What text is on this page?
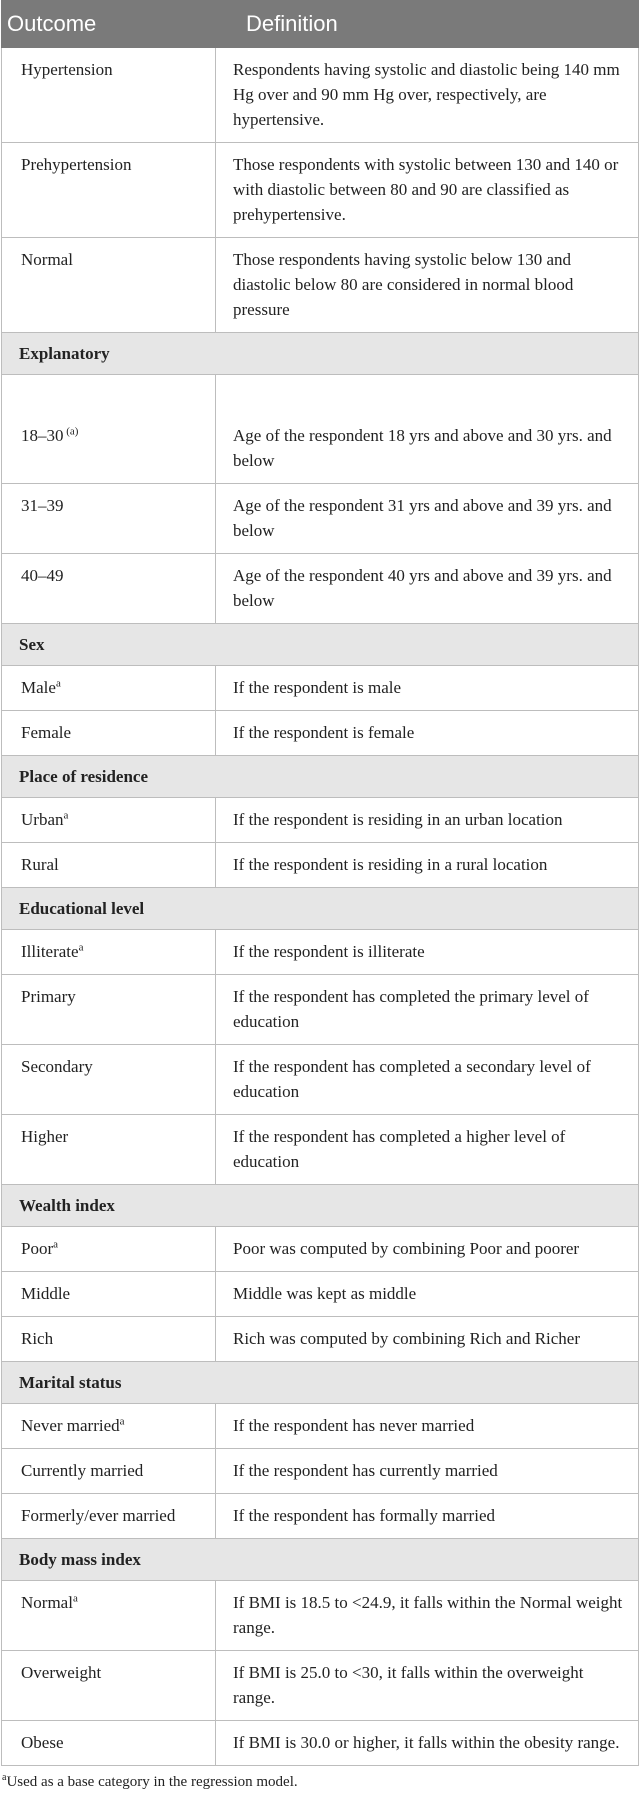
Outcome	Definition
Hypertension	Respondents having systolic and diastolic being 140 mm Hg over and 90 mm Hg over, respectively, are hypertensive.
Prehypertension	Those respondents with systolic between 130 and 140 or with diastolic between 80 and 90 are classified as prehypertensive.
Normal	Those respondents having systolic below 130 and diastolic below 80 are considered in normal blood pressure
Explanatory	
18–30 $^{(a)}$	Age of the respondent 18 yrs and above and 30 yrs. and below
31–39	Age of the respondent 31 yrs and above and 39 yrs. and below
40–49	Age of the respondent 40 yrs and above and 39 yrs. and below
Sex	
Male$^a$	If the respondent is male
Female	If the respondent is female
Place of residence	
Urban$^a$	If the respondent is residing in an urban location
Rural	If the respondent is residing in a rural location
Educational level	
Illiterate$^a$	If the respondent is illiterate
Primary	If the respondent has completed the primary level of education
Secondary	If the respondent has completed a secondary level of education
Higher	If the respondent has completed a higher level of education
Wealth index	
Poor$^a$	Poor was computed by combining Poor and poorer
Middle	Middle was kept as middle
Rich	Rich was computed by combining Rich and Richer
Marital status	
Never married$^a$	If the respondent has never married
Currently married	If the respondent has currently married
Formerly/ever married	If the respondent has formally married
Body mass index	
Normal$^a$	If BMI is 18.5 to <24.9, it falls within the Normal weight range.
Overweight	If BMI is 25.0 to <30, it falls within the overweight range.
Obese	If BMI is 30.0 or higher, it falls within the obesity range.
$^a$Used as a base category in the regression model.
